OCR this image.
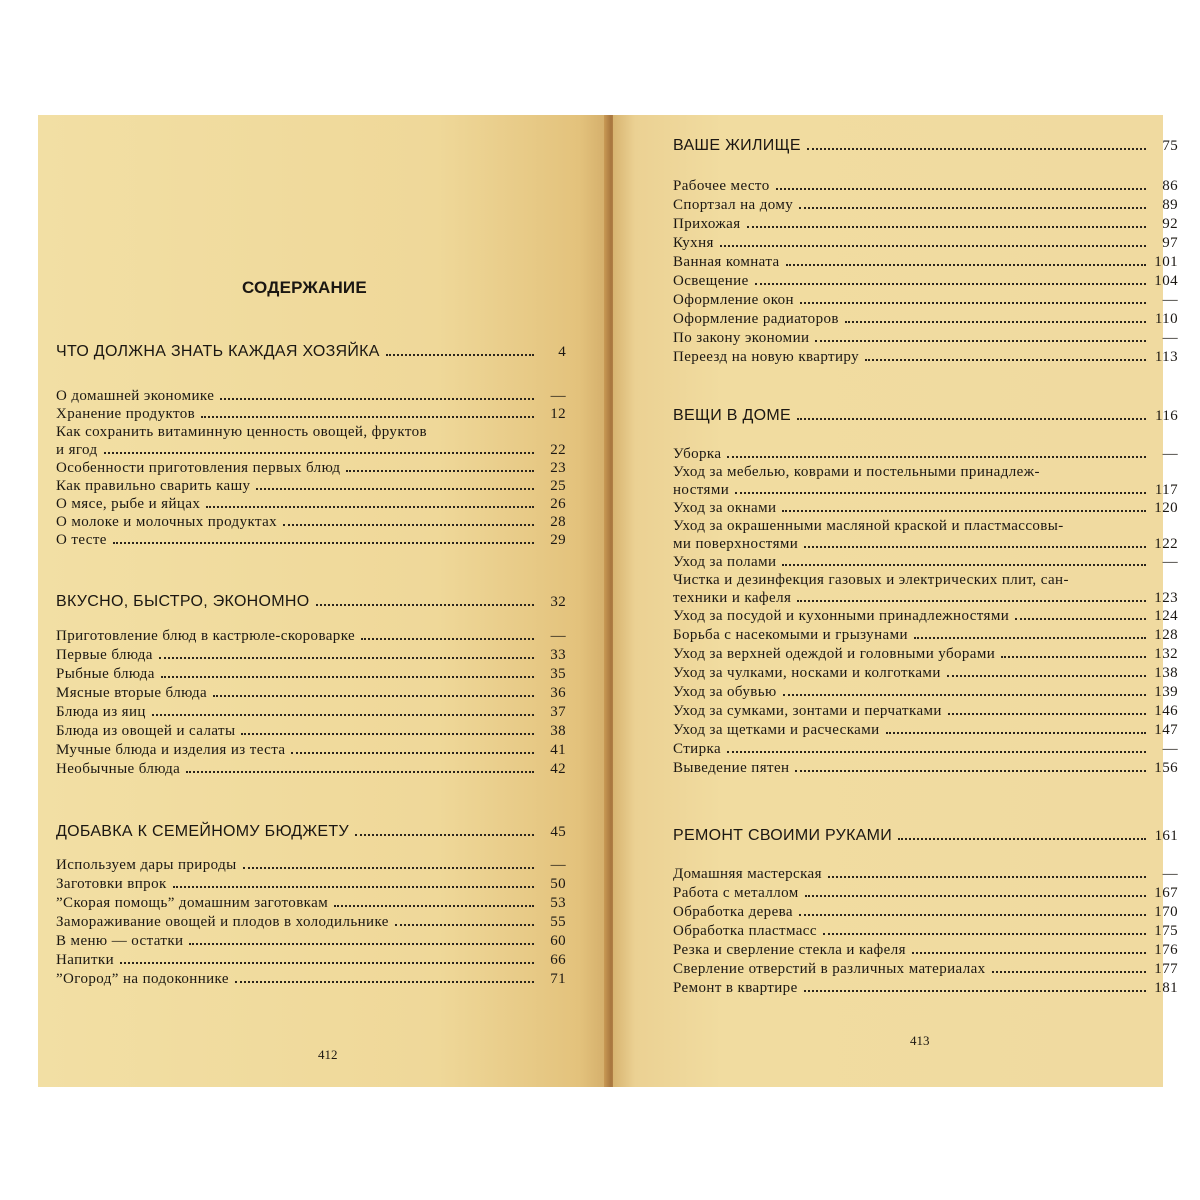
СОДЕРЖАНИЕ
ЧТО ДОЛЖНА ЗНАТЬ КАЖДАЯ ХОЗЯЙКА	4
О домашней экономике	—
Хранение продуктов	12
Как сохранить витаминную ценность овощей, фруктов
и ягод	22
Особенности приготовления первых блюд	23
Как правильно сварить кашу	25
О мясе, рыбе и яйцах	26
О молоке и молочных продуктах	28
О тесте	29
ВКУСНО, БЫСТРО, ЭКОНОМНО	32
Приготовление блюд в кастрюле-скороварке	—
Первые блюда	33
Рыбные блюда	35
Мясные вторые блюда	36
Блюда из яиц	37
Блюда из овощей и салаты	38
Мучные блюда и изделия из теста	41
Необычные блюда	42
ДОБАВКА К СЕМЕЙНОМУ БЮДЖЕТУ	45
Используем дары природы	—
Заготовки впрок	50
”Скорая помощь” домашним заготовкам	53
Замораживание овощей и плодов в холодильнике	55
В меню — остатки	60
Напитки	66
”Огород” на подоконнике	71
412
ВАШЕ ЖИЛИЩЕ	75
Рабочее место	86
Спортзал на дому	89
Прихожая	92
Кухня	97
Ванная комната	101
Освещение	104
Оформление окон	—
Оформление радиаторов	110
По закону экономии	—
Переезд на новую квартиру	113
ВЕЩИ В ДОМЕ	116
Уборка	—
Уход за мебелью, коврами и постельными принадлеж-
ностями	117
Уход за окнами	120
Уход за окрашенными масляной краской и пластмассовы-
ми поверхностями	122
Уход за полами	—
Чистка и дезинфекция газовых и электрических плит, сан-
техники и кафеля	123
Уход за посудой и кухонными принадлежностями	124
Борьба с насекомыми и грызунами	128
Уход за верхней одеждой и головными уборами	132
Уход за чулками, носками и колготками	138
Уход за обувью	139
Уход за сумками, зонтами и перчатками	146
Уход за щетками и расческами	147
Стирка	—
Выведение пятен	156
РЕМОНТ СВОИМИ РУКАМИ	161
Домашняя мастерская	—
Работа с металлом	167
Обработка дерева	170
Обработка пластмасс	175
Резка и сверление стекла и кафеля	176
Сверление отверстий в различных материалах	177
Ремонт в квартире	181
413
